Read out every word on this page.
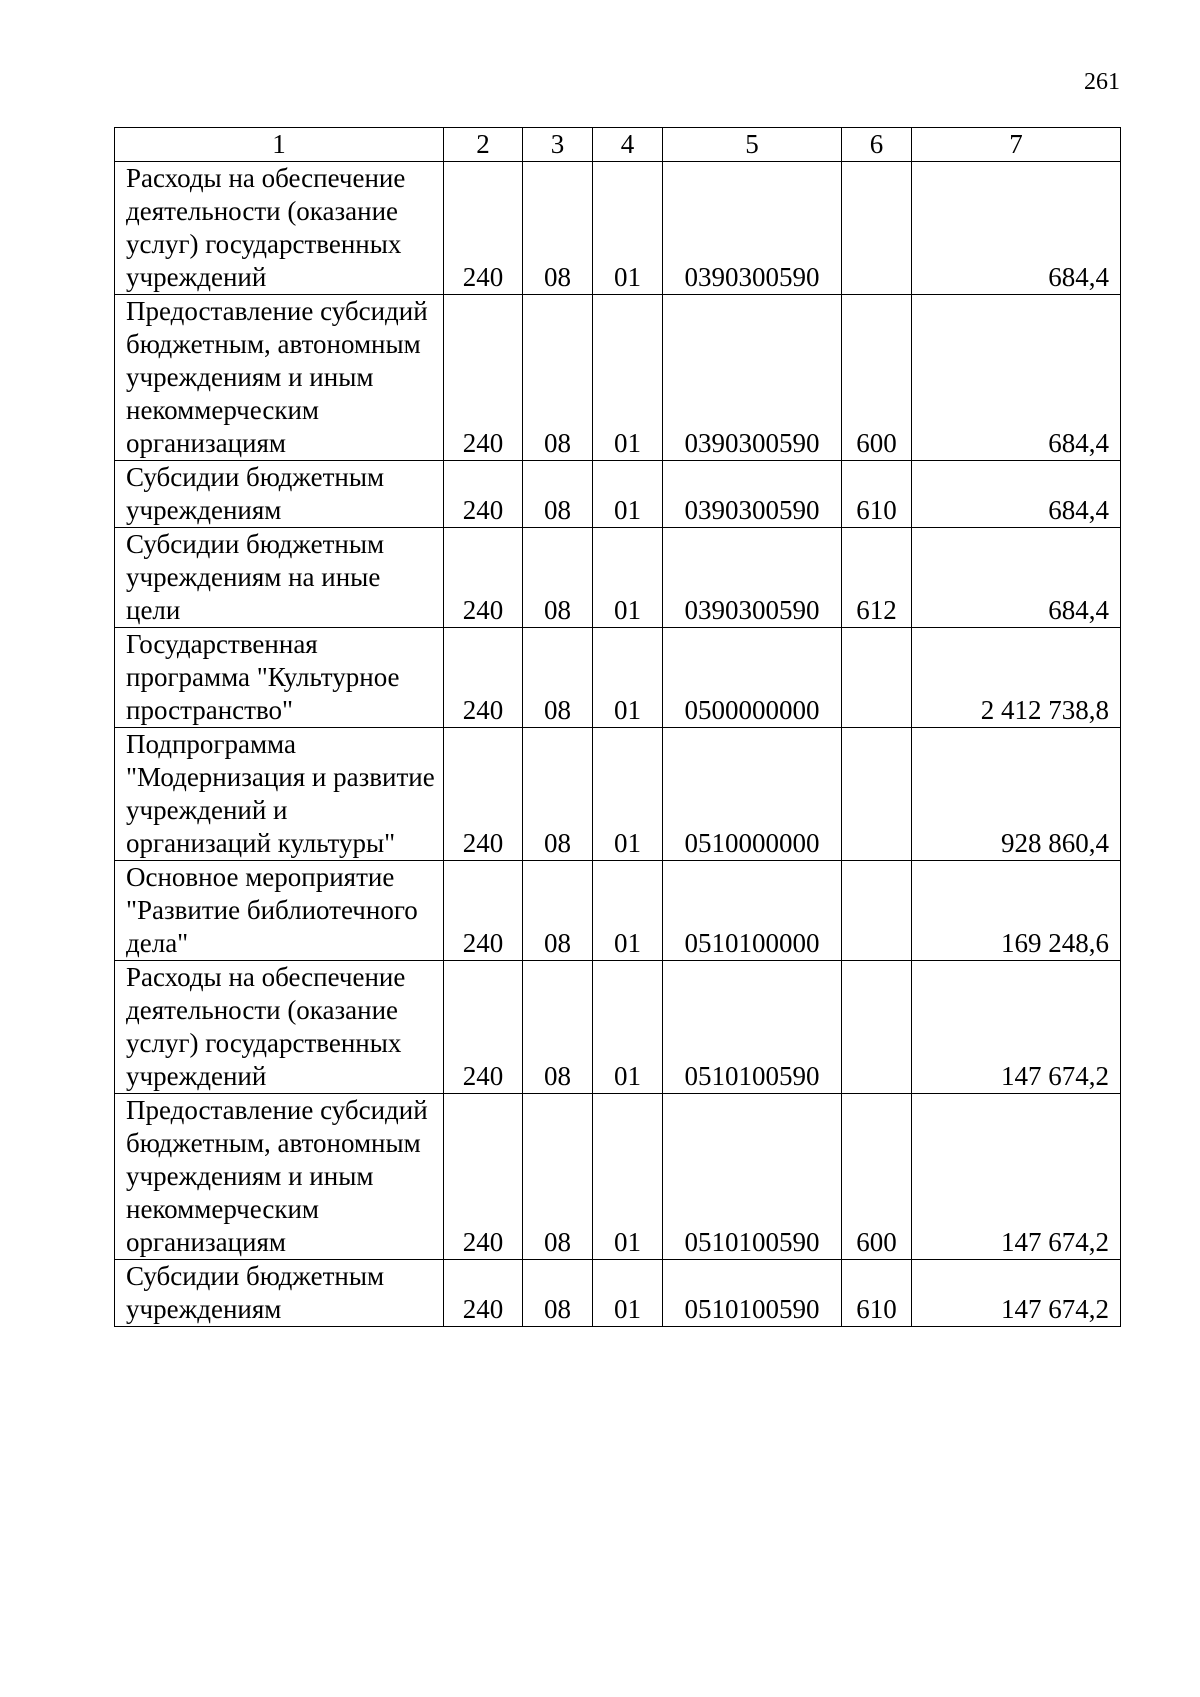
261
1	2	3	4	5	6	7
Расходы на обеспечение деятельности (оказание услуг) государственных учреждений	240	08	01	0390300590		684,4
Предоставление субсидий бюджетным, автономным учреждениям и иным некоммерческим организациям	240	08	01	0390300590	600	684,4
Субсидии бюджетным учреждениям	240	08	01	0390300590	610	684,4
Субсидии бюджетным учреждениям на иные цели	240	08	01	0390300590	612	684,4
Государственная программа "Культурное пространство"	240	08	01	0500000000		2 412 738,8
Подпрограмма "Модернизация и развитие учреждений и организаций культуры"	240	08	01	0510000000		928 860,4
Основное мероприятие "Развитие библиотечного дела"	240	08	01	0510100000		169 248,6
Расходы на обеспечение деятельности (оказание услуг) государственных учреждений	240	08	01	0510100590		147 674,2
Предоставление субсидий бюджетным, автономным учреждениям и иным некоммерческим организациям	240	08	01	0510100590	600	147 674,2
Субсидии бюджетным учреждениям	240	08	01	0510100590	610	147 674,2
